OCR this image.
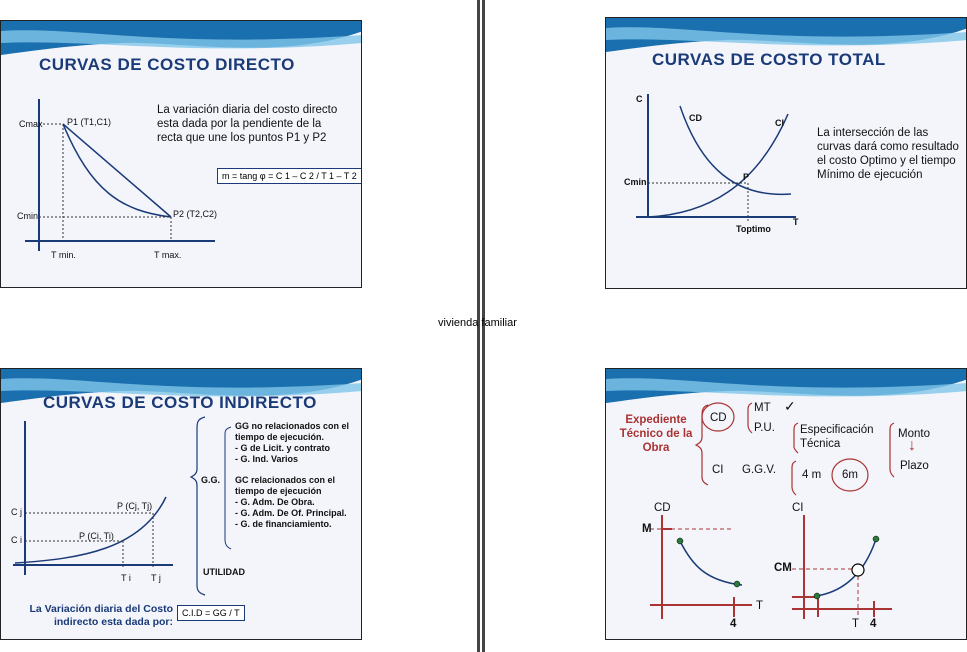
vivienda familiar
CURVAS DE COSTO DIRECTO
La variación diaria del costo directo esta dada por la pendiente de la recta que une los puntos P1 y P2
m = tang φ = C 1 – C 2 / T 1 – T 2
Cmax
Cmin
P1 (T1,C1)
P2 (T2,C2)
T min.	T max.
CURVAS DE COSTO TOTAL
La intersección de las curvas dará como resultado el costo Optimo y el tiempo Mínimo de ejecución
C
T
CD	CI
P
Cmin
Toptimo
CURVAS DE COSTO INDIRECTO
C j
C i
P (Cj, Tj)
P (Ci, Ti)
T i T j
G.G.
GG no relacionados con el tiempo de ejecución.
- G de Licit. y contrato
- G. Ind. Varios
GC relacionados con el tiempo de ejecución
- G. Adm. De Obra.
- G. Adm. De Of. Principal.
- G. de financiamiento.
UTILIDAD
La Variación diaria del Costo indirecto esta dada por:
C.I.D = GG / T
Expediente Técnico de la Obra
CD
MT ✓
P.U. Especificación Técnica
Monto
↓
Plazo
CI G.G.V. 4 m 6m
CD
M
T
4
CI
CM
T 4
